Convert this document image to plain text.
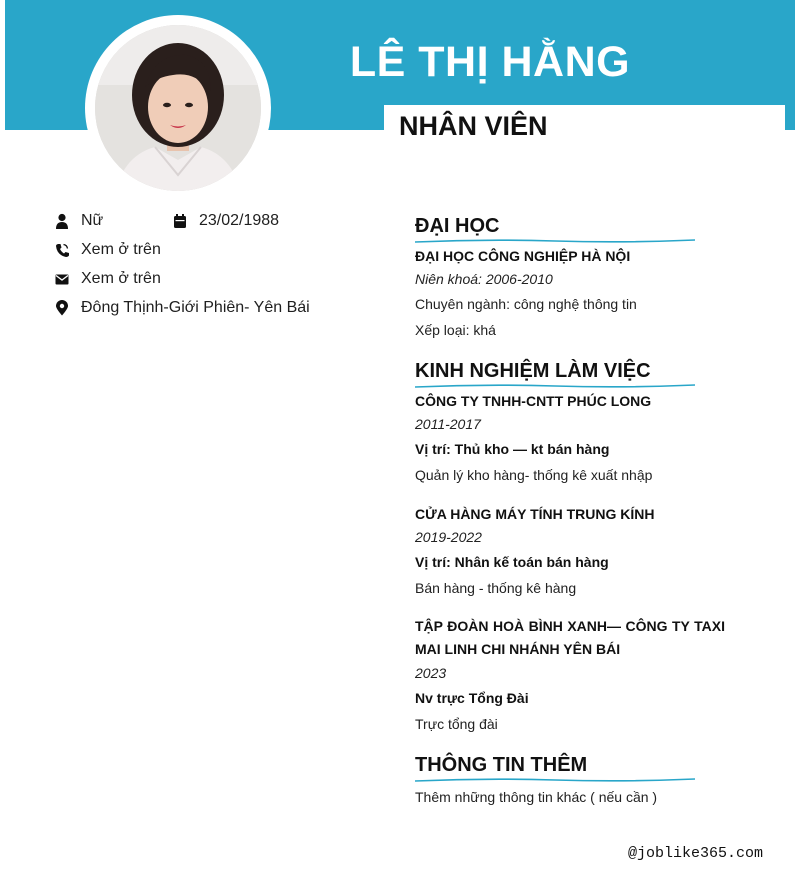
LÊ THỊ HẰNG
NHÂN VIÊN
Nữ	23/02/1988
Xem ở trên
Xem ở trên
Đông Thịnh-Giới Phiên- Yên Bái
ĐẠI HỌC
ĐẠI HỌC CÔNG NGHIỆP HÀ NỘI
Niên khoá: 2006-2010
Chuyên ngành: công nghệ thông tin
Xếp loại: khá
KINH NGHIỆM LÀM VIỆC
CÔNG TY TNHH-CNTT PHÚC LONG
2011-2017
Vị trí: Thủ kho — kt bán hàng
Quản lý kho hàng- thống kê xuất nhập
CỬA HÀNG MÁY TÍNH TRUNG KÍNH
2019-2022
Vị trí: Nhân kế toán bán hàng
Bán hàng - thống kê hàng
TẬP ĐOÀN HOÀ BÌNH XANH— CÔNG TY TAXI MAI LINH CHI NHÁNH YÊN BÁI
2023
Nv trực Tổng Đài
Trực tổng đài
THÔNG TIN THÊM
Thêm những thông tin khác ( nếu cần )
@joblike365.com
